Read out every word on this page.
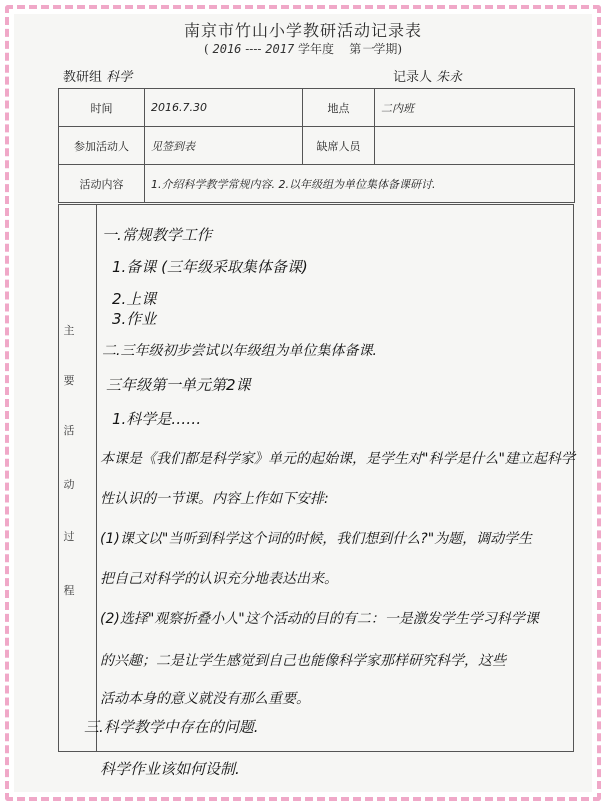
南京市竹山小学教研活动记录表
( 2016 ---- 2017 学年度 第一学期)
教研组 科学	记录人 朱永
时间	2016.7.30	地点	二内班
参加活动人	见签到表	缺席人员	
活动内容	1.介绍科学教学常规内容. 2.以年级组为单位集体备课研讨.		
主
要
活
动
过
程
一.常规教学工作
1.备课 (三年级采取集体备课)
2.上课
3.作业
二.三年级初步尝试以年级组为单位集体备课.
三年级第一单元第2课
1.科学是……
本课是《我们都是科学家》单元的起始课，是学生对"科学是什么"建立起科学
性认识的一节课。内容上作如下安排:
(1)课文以"当听到科学这个词的时候，我们想到什么?"为题，调动学生
把自己对科学的认识充分地表达出来。
(2)选择"观察折叠小人"这个活动的目的有二：一是激发学生学习科学课
的兴趣；二是让学生感觉到自己也能像科学家那样研究科学，这些
活动本身的意义就没有那么重要。
三.科学教学中存在的问题.
科学作业该如何设制.
